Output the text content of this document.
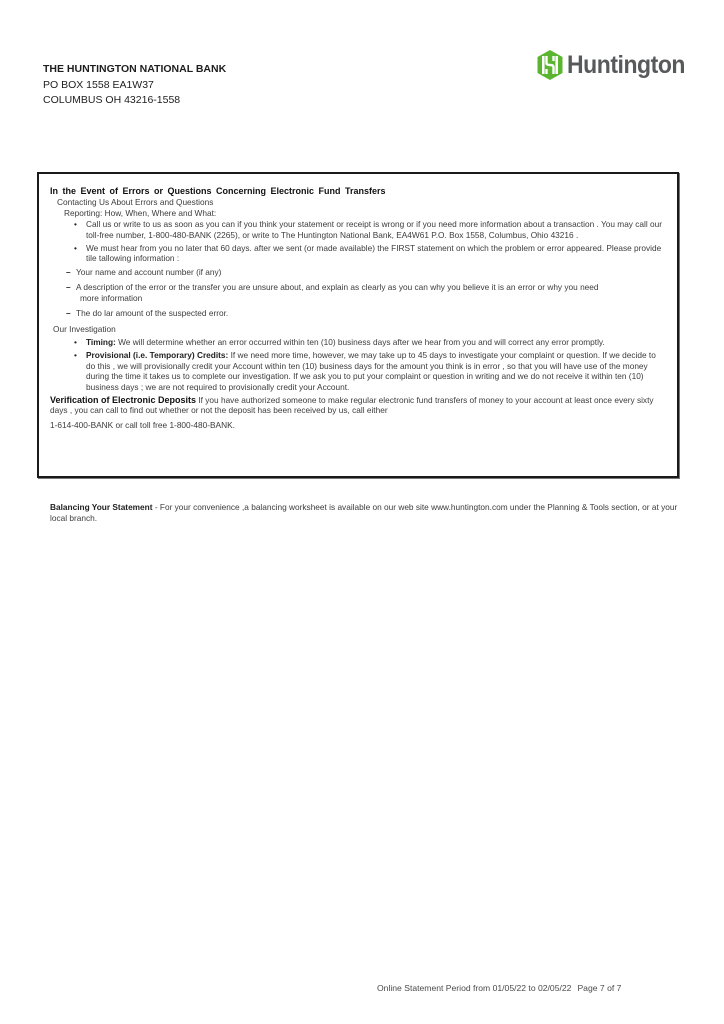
THE HUNTINGTON NATIONAL BANK
PO BOX 1558 EA1W37
COLUMBUS OH 43216-1558
Huntington
In the Event of Errors or Questions Concerning Electronic Fund Transfers
Contacting Us About Errors and Questions
Reporting: How, When, Where and What:
• Call us or write to us as soon as you can if you think your statement or receipt is wrong or if you need more information about a transaction . You may call our toll-free number, 1-800-480-BANK (2265), or write to The Huntington National Bank, EA4W61 P.O. Box 1558, Columbus, Ohio 43216 .
• We must hear from you no later that 60 days. after we sent (or made available) the FIRST statement on which the problem or error appeared. Please provide tile tallowing information :
– Your name and account number (if any)
– A description of the error or the transfer you are unsure about, and explain as clearly as you can why you believe it is an error or why you need
more information
– The do lar amount of the suspected error.
Our Investigation
• Timing: We will determine whether an error occurred within ten (10) business days after we hear from you and will correct any error promptly.
• Provisional (i.e. Temporary) Credits: If we need more time, however, we may take up to 45 days to investigate your complaint or question. If we decide to do this , we will provisionally credit your Account within ten (10) business days for the amount you think is in error , so that you will have use of the money during the time it takes us to complete our investigation. If we ask you to put your complaint or question in writing and we do not receive it within ten (10) business days ; we are not required to provisionally credit your Account.
Verification of Electronic Deposits If you have authorized someone to make regular electronic fund transfers of money to your account at least once every sixty days , you can call to find out whether or not the deposit has been received by us, call either
1-614-400-BANK or call toll free 1-800-480-BANK.
Balancing Your Statement - For your convenience ,a balancing worksheet is available on our web site www.huntington.com under the Planning & Tools section, or at your local branch.
Online Statement Period from 01/05/22 to 02/05/22 Page 7 of 7
